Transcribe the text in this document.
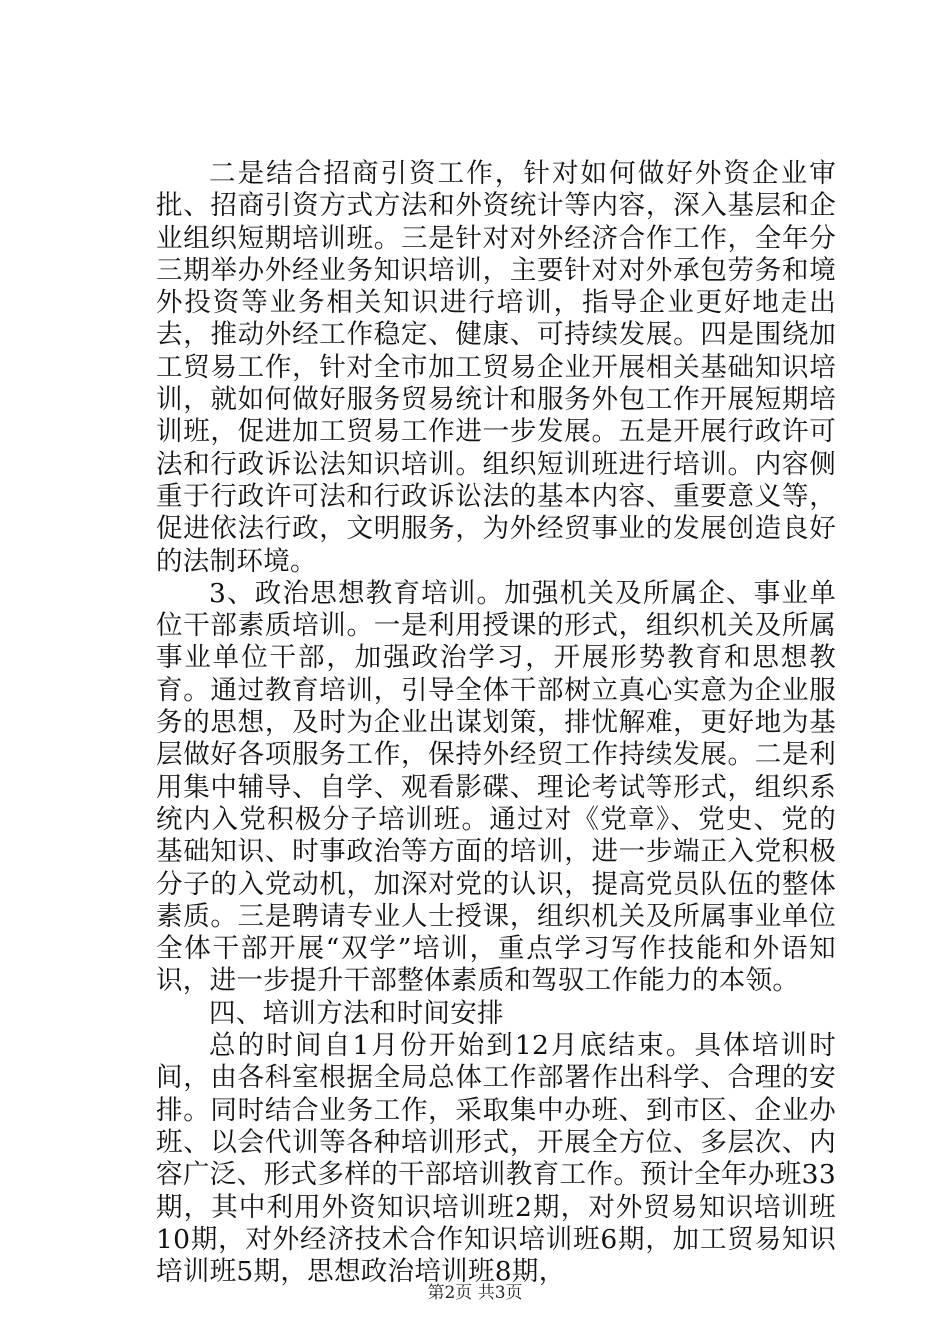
二是结合招商引资工作，针对如何做好外资企业审批、招商引资方式方法和外资统计等内容，深入基层和企业组织短期培训班。三是针对对外经济合作工作，全年分三期举办外经业务知识培训，主要针对对外承包劳务和境外投资等业务相关知识进行培训，指导企业更好地走出去，推动外经工作稳定、健康、可持续发展。四是围绕加工贸易工作，针对全市加工贸易企业开展相关基础知识培训，就如何做好服务贸易统计和服务外包工作开展短期培训班，促进加工贸易工作进一步发展。五是开展行政许可法和行政诉讼法知识培训。组织短训班进行培训。内容侧重于行政许可法和行政诉讼法的基本内容、重要意义等，促进依法行政，文明服务，为外经贸事业的发展创造良好的法制环境。

3、政治思想教育培训。加强机关及所属企、事业单位干部素质培训。一是利用授课的形式，组织机关及所属事业单位干部，加强政治学习，开展形势教育和思想教育。通过教育培训，引导全体干部树立真心实意为企业服务的思想，及时为企业出谋划策，排忧解难，更好地为基层做好各项服务工作，保持外经贸工作持续发展。二是利用集中辅导、自学、观看影碟、理论考试等形式，组织系统内入党积极分子培训班。通过对《党章》、党史、党的基础知识、时事政治等方面的培训，进一步端正入党积极分子的入党动机，加深对党的认识，提高党员队伍的整体素质。三是聘请专业人士授课，组织机关及所属事业单位全体干部开展“双学”培训，重点学习写作技能和外语知识，进一步提升干部整体素质和驾驭工作能力的本领。

四、培训方法和时间安排

总的时间自1月份开始到12月底结束。具体培训时间，由各科室根据全局总体工作部署作出科学、合理的安排。同时结合业务工作，采取集中办班、到市区、企业办班、以会代训等各种培训形式，开展全方位、多层次、内容广泛、形式多样的干部培训教育工作。预计全年办班33期，其中利用外资知识培训班2期，对外贸易知识培训班10期，对外经济技术合作知识培训班6期，加工贸易知识培训班5期，思想政治培训班8期，

第2页 共3页
